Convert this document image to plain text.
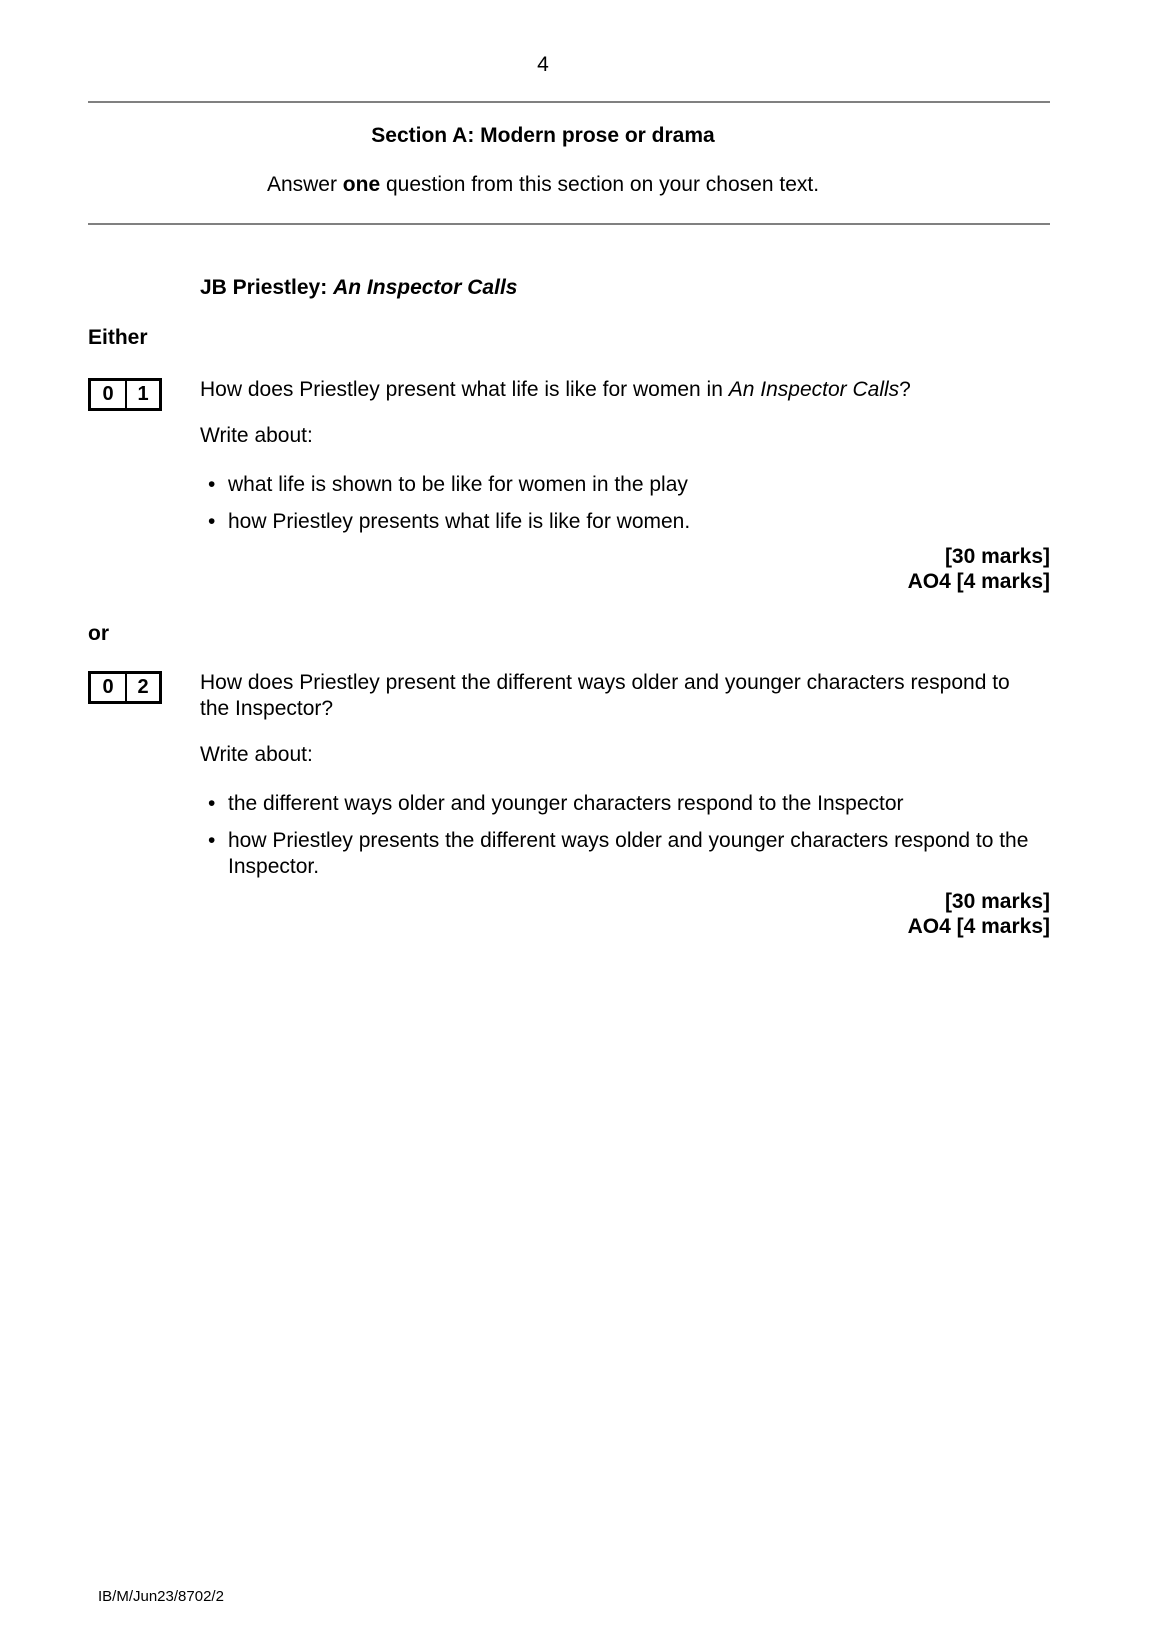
4
Section A: Modern prose or drama

Answer one question from this section on your chosen text.

JB Priestley: An Inspector Calls
Either
0	1	How does Priestley present what life is like for women in An Inspector Calls?

Write about:

• what life is shown to be like for women in the play
• how Priestley presents what life is like for women.
[30 marks]
AO4 [4 marks]
or
0	2	How does Priestley present the different ways older and younger characters respond to the Inspector?

Write about:

• the different ways older and younger characters respond to the Inspector
• how Priestley presents the different ways older and younger characters respond to the Inspector.
[30 marks]
AO4 [4 marks]
IB/M/Jun23/8702/2
